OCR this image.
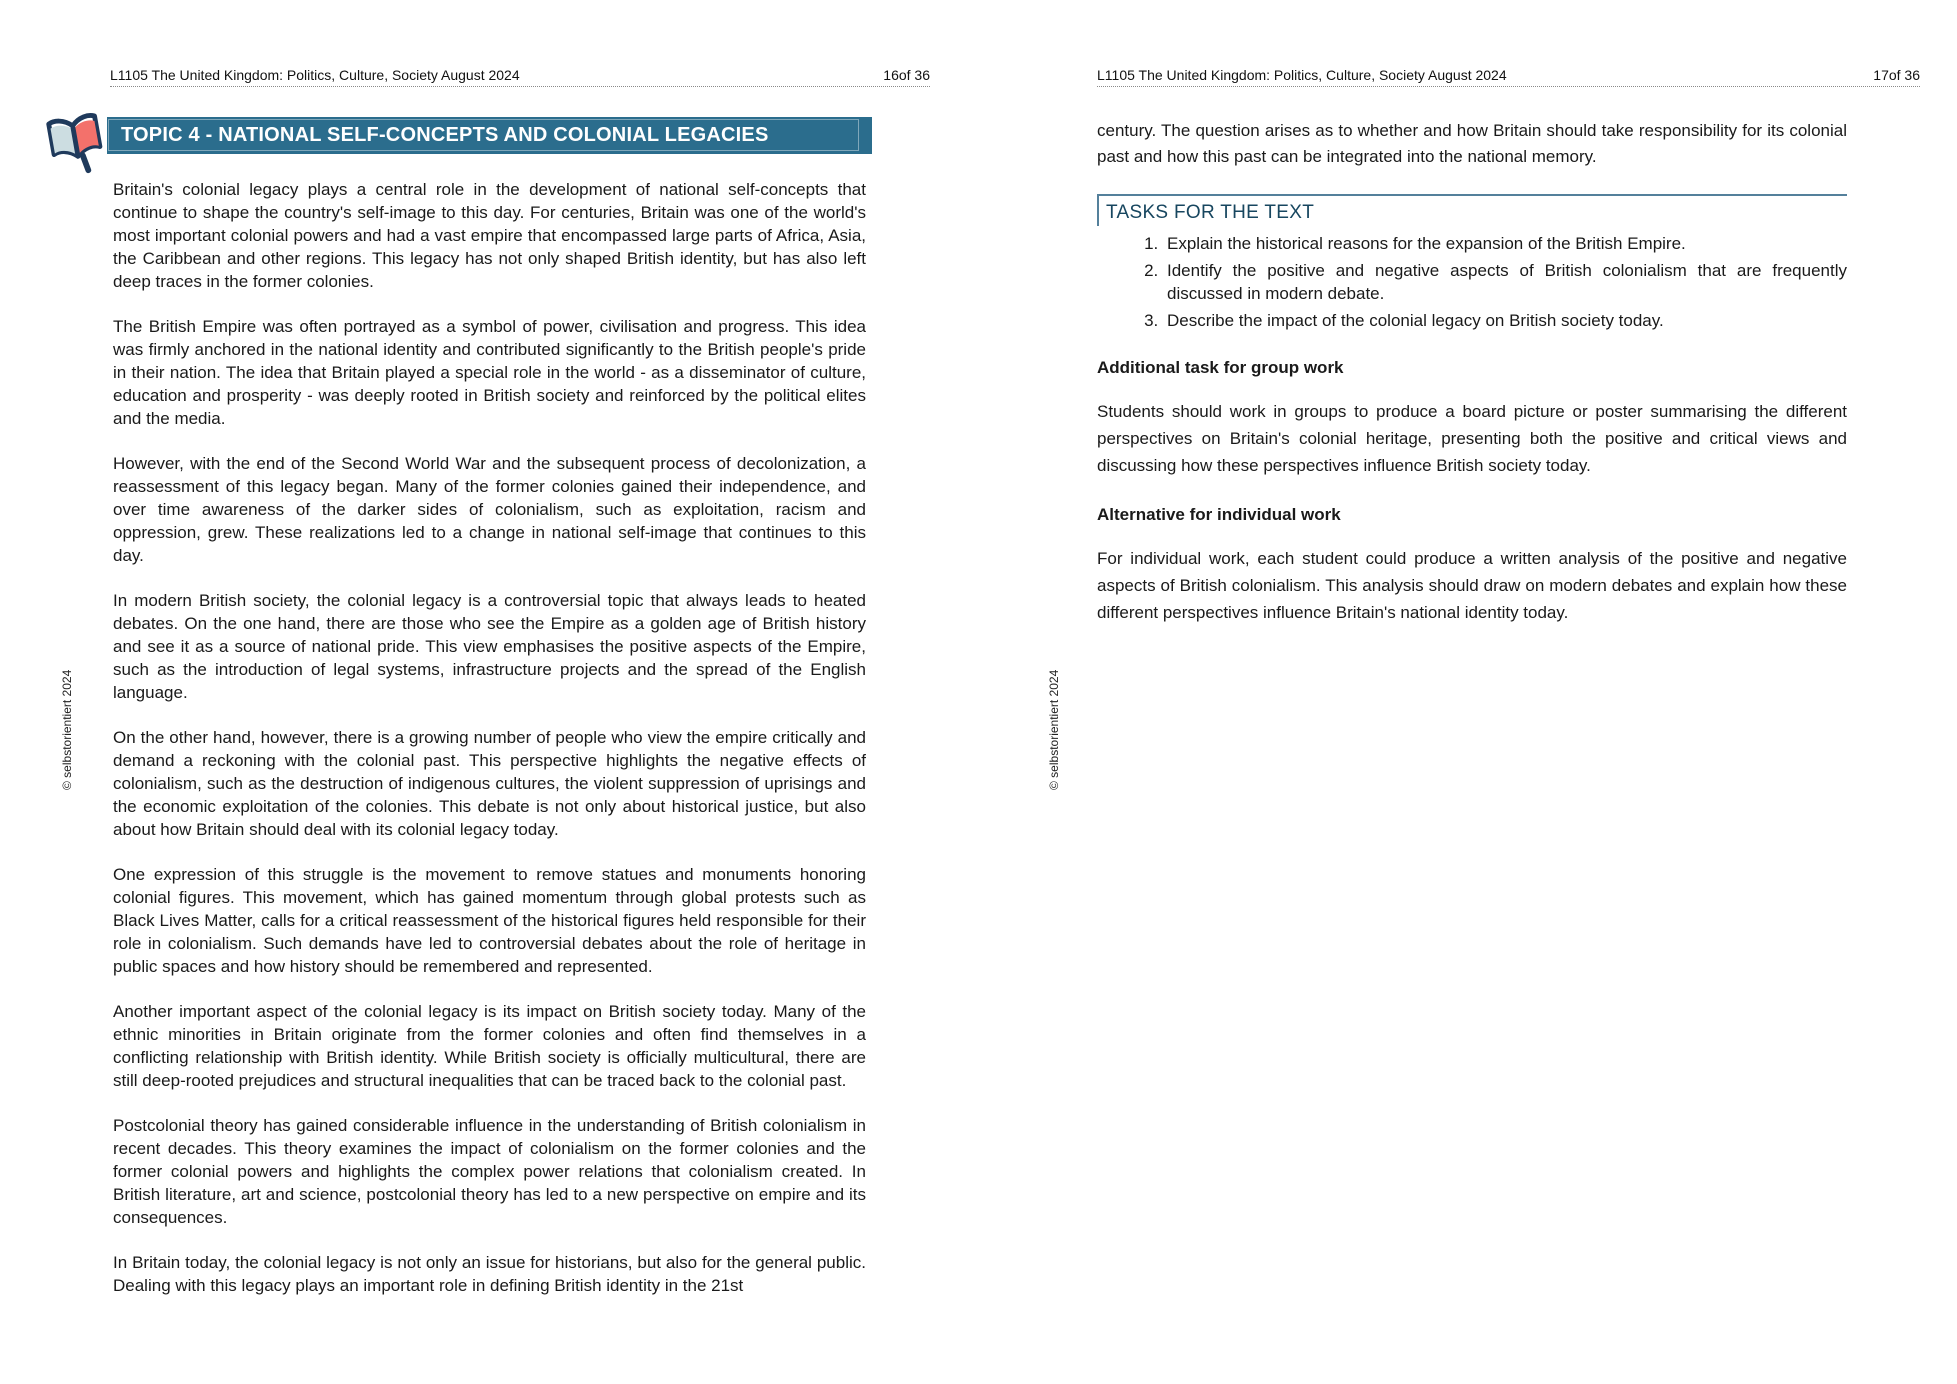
L1105 The United Kingdom: Politics, Culture, Society August 2024	16of 36
TOPIC 4 - NATIONAL SELF-CONCEPTS AND COLONIAL LEGACIES

Britain's colonial legacy plays a central role in the development of national self-concepts that continue to shape the country's self-image to this day. For centuries, Britain was one of the world's most important colonial powers and had a vast empire that encompassed large parts of Africa, Asia, the Caribbean and other regions. This legacy has not only shaped British identity, but has also left deep traces in the former colonies.

The British Empire was often portrayed as a symbol of power, civilisation and progress. This idea was firmly anchored in the national identity and contributed significantly to the British people's pride in their nation. The idea that Britain played a special role in the world - as a disseminator of culture, education and prosperity - was deeply rooted in British society and reinforced by the political elites and the media.

However, with the end of the Second World War and the subsequent process of decolonization, a reassessment of this legacy began. Many of the former colonies gained their independence, and over time awareness of the darker sides of colonialism, such as exploitation, racism and oppression, grew. These realizations led to a change in national self-image that continues to this day.

In modern British society, the colonial legacy is a controversial topic that always leads to heated debates. On the one hand, there are those who see the Empire as a golden age of British history and see it as a source of national pride. This view emphasises the positive aspects of the Empire, such as the introduction of legal systems, infrastructure projects and the spread of the English language.

On the other hand, however, there is a growing number of people who view the empire critically and demand a reckoning with the colonial past. This perspective highlights the negative effects of colonialism, such as the destruction of indigenous cultures, the violent suppression of uprisings and the economic exploitation of the colonies. This debate is not only about historical justice, but also about how Britain should deal with its colonial legacy today.

One expression of this struggle is the movement to remove statues and monuments honoring colonial figures. This movement, which has gained momentum through global protests such as Black Lives Matter, calls for a critical reassessment of the historical figures held responsible for their role in colonialism. Such demands have led to controversial debates about the role of heritage in public spaces and how history should be remembered and represented.

Another important aspect of the colonial legacy is its impact on British society today. Many of the ethnic minorities in Britain originate from the former colonies and often find themselves in a conflicting relationship with British identity. While British society is officially multicultural, there are still deep-rooted prejudices and structural inequalities that can be traced back to the colonial past.

Postcolonial theory has gained considerable influence in the understanding of British colonialism in recent decades. This theory examines the impact of colonialism on the former colonies and the former colonial powers and highlights the complex power relations that colonialism created. In British literature, art and science, postcolonial theory has led to a new perspective on empire and its consequences.

In Britain today, the colonial legacy is not only an issue for historians, but also for the general public. Dealing with this legacy plays an important role in defining British identity in the 21st

© selbstorientiert 2024
L1105 The United Kingdom: Politics, Culture, Society August 2024	17of 36

century. The question arises as to whether and how Britain should take responsibility for its colonial past and how this past can be integrated into the national memory.

TASKS FOR THE TEXT
1. Explain the historical reasons for the expansion of the British Empire.
2. Identify the positive and negative aspects of British colonialism that are frequently discussed in modern debate.
3. Describe the impact of the colonial legacy on British society today.
Additional task for group work

Students should work in groups to produce a board picture or poster summarising the different perspectives on Britain's colonial heritage, presenting both the positive and critical views and discussing how these perspectives influence British society today.

Alternative for individual work

For individual work, each student could produce a written analysis of the positive and negative aspects of British colonialism. This analysis should draw on modern debates and explain how these different perspectives influence Britain's national identity today.

© selbstorientiert 2024
